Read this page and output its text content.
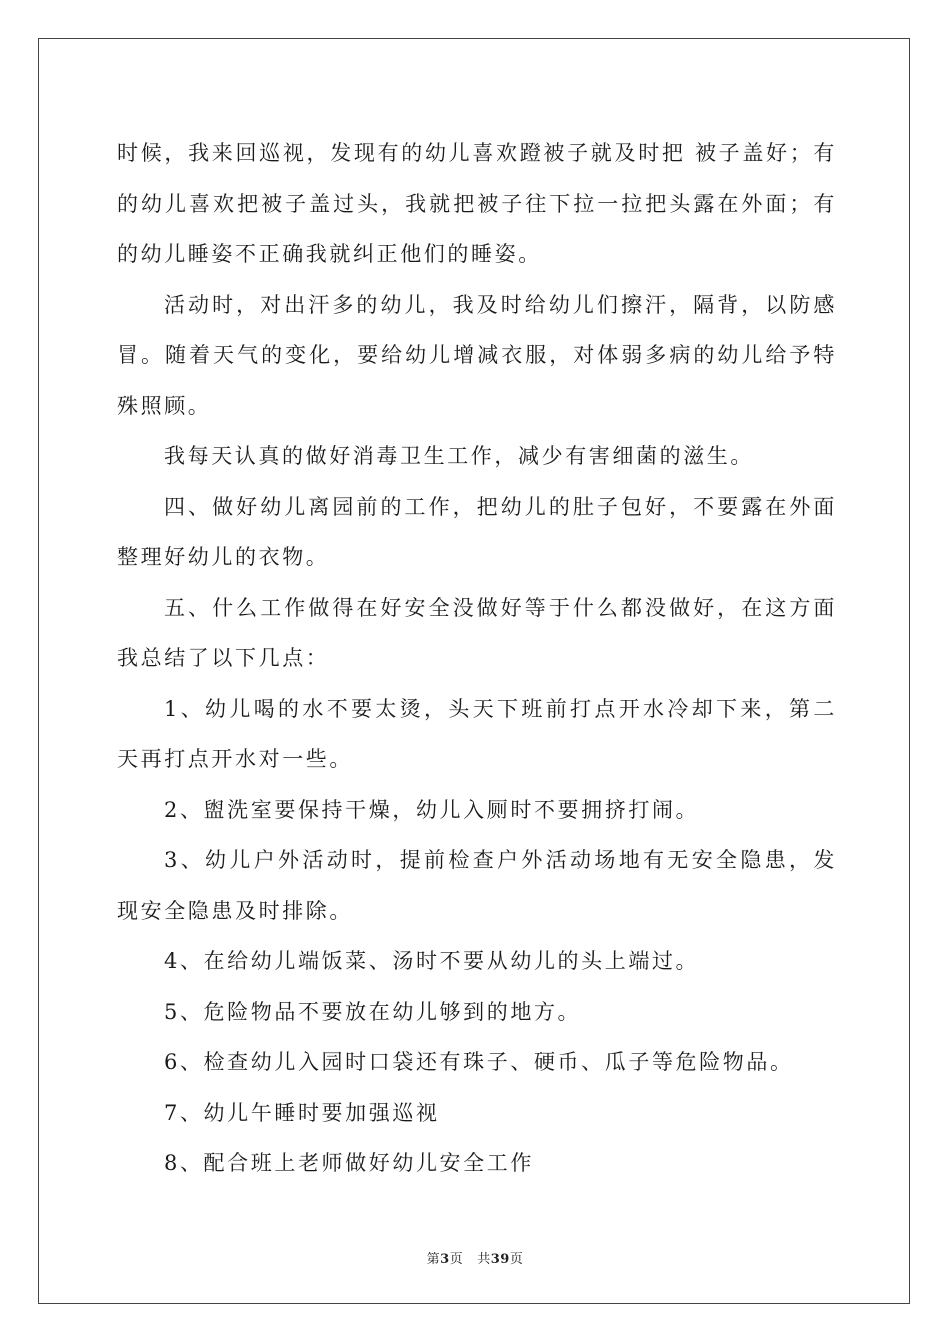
时候，我来回巡视，发现有的幼儿喜欢蹬被子就及时把 被子盖好；有的幼儿喜欢把被子盖过头，我就把被子往下拉一拉把头露在外面；有的幼儿睡姿不正确我就纠正他们的睡姿。

活动时，对出汗多的幼儿，我及时给幼儿们擦汗，隔背，以防感冒。随着天气的变化，要给幼儿增减衣服，对体弱多病的幼儿给予特殊照顾。

我每天认真的做好消毒卫生工作，减少有害细菌的滋生。

四、做好幼儿离园前的工作，把幼儿的肚子包好，不要露在外面整理好幼儿的衣物。

五、什么工作做得在好安全没做好等于什么都没做好，在这方面我总结了以下几点：

1、幼儿喝的水不要太烫，头天下班前打点开水冷却下来，第二天再打点开水对一些。

2、盥洗室要保持干燥，幼儿入厕时不要拥挤打闹。

3、幼儿户外活动时，提前检查户外活动场地有无安全隐患，发现安全隐患及时排除。

4、在给幼儿端饭菜、汤时不要从幼儿的头上端过。

5、危险物品不要放在幼儿够到的地方。

6、检查幼儿入园时口袋还有珠子、硬币、瓜子等危险物品。

7、幼儿午睡时要加强巡视

8、配合班上老师做好幼儿安全工作

第3页 共39页
